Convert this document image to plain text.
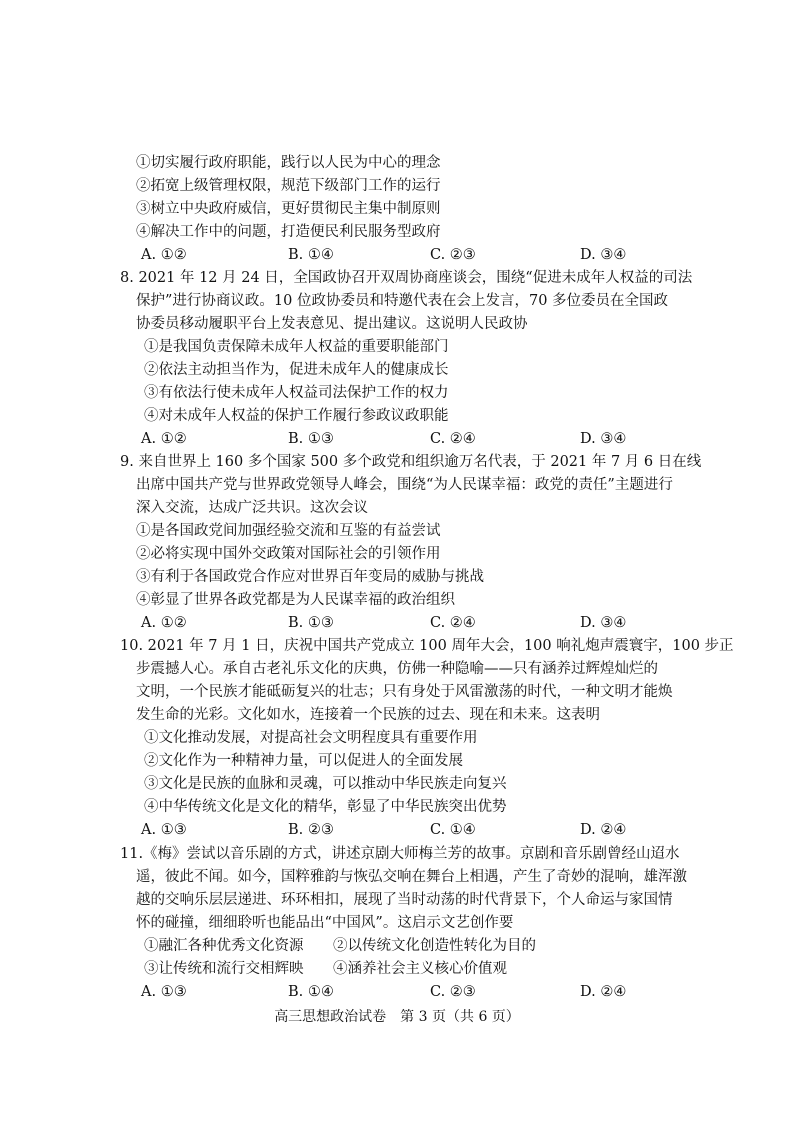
①切实履行政府职能，践行以人民为中心的理念
②拓宽上级管理权限，规范下级部门工作的运行
③树立中央政府威信，更好贯彻民主集中制原则
④解决工作中的问题，打造便民利民服务型政府
A. ①②	B. ①④	C. ②③	D. ③④
8. 2021 年 12 月 24 日，全国政协召开双周协商座谈会，围绕“促进未成年人权益的司法
保护”进行协商议政。10 位政协委员和特邀代表在会上发言，70 多位委员在全国政
协委员移动履职平台上发表意见、提出建议。这说明人民政协
①是我国负责保障未成年人权益的重要职能部门
②依法主动担当作为，促进未成年人的健康成长
③有依法行使未成年人权益司法保护工作的权力
④对未成年人权益的保护工作履行参政议政职能
A. ①②	B. ①③	C. ②④	D. ③④
9. 来自世界上 160 多个国家 500 多个政党和组织逾万名代表，于 2021 年 7 月 6 日在线
出席中国共产党与世界政党领导人峰会，围绕“为人民谋幸福：政党的责任”主题进行
深入交流，达成广泛共识。这次会议
①是各国政党间加强经验交流和互鉴的有益尝试
②必将实现中国外交政策对国际社会的引领作用
③有利于各国政党合作应对世界百年变局的威胁与挑战
④彰显了世界各政党都是为人民谋幸福的政治组织
A. ①②	B. ①③	C. ②④	D. ③④
10. 2021 年 7 月 1 日，庆祝中国共产党成立 100 周年大会，100 响礼炮声震寰宇，100 步正
步震撼人心。承自古老礼乐文化的庆典，仿佛一种隐喻——只有涵养过辉煌灿烂的
文明，一个民族才能砥砺复兴的壮志；只有身处于风雷激荡的时代，一种文明才能焕
发生命的光彩。文化如水，连接着一个民族的过去、现在和未来。这表明
①文化推动发展，对提高社会文明程度具有重要作用
②文化作为一种精神力量，可以促进人的全面发展
③文化是民族的血脉和灵魂，可以推动中华民族走向复兴
④中华传统文化是文化的精华，彰显了中华民族突出优势
A. ①③	B. ②③	C. ①④	D. ②④
11.《梅》尝试以音乐剧的方式，讲述京剧大师梅兰芳的故事。京剧和音乐剧曾经山迢水
遥，彼此不闻。如今，国粹雅韵与恢弘交响在舞台上相遇，产生了奇妙的混响，雄浑激
越的交响乐层层递进、环环相扣，展现了当时动荡的时代背景下，个人命运与家国情
怀的碰撞，细细聆听也能品出“中国风”。这启示文艺创作要
①融汇各种优秀文化资源 ②以传统文化创造性转化为目的
③让传统和流行交相辉映 ④涵养社会主义核心价值观
A. ①③	B. ①④	C. ②③	D. ②④
高三思想政治试卷　第 3 页（共 6 页）
